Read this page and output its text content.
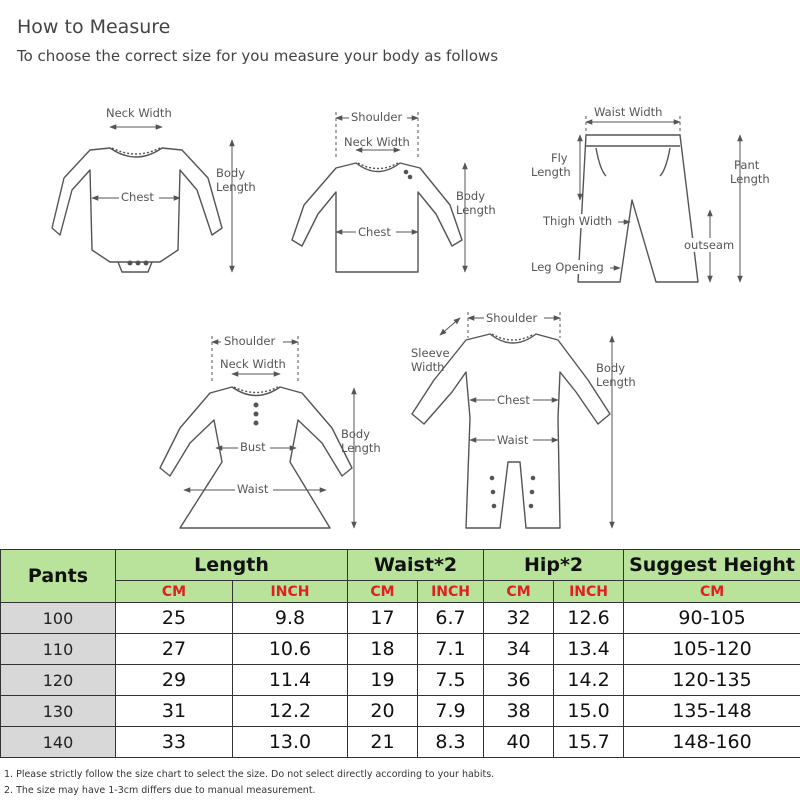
How to Measure
To choose the correct size for you measure your body as follows
Neck Width
Chest
Body
Length
Shoulder
Neck Width
Chest
Body
Length
Waist Width
Fly
Length	Pant
Length
Thigh Width
outseam
Leg Opening
Shoulder
Neck Width
Bust
Waist
Body
Length
Shoulder
Sleeve
Width
Chest
Waist
Body
Length
Pants	Length		Waist*2		Hip*2		Suggest Height
	CM	INCH	CM	INCH	CM	INCH	CM
100	25	9.8	17	6.7	32	12.6	90-105
110	27	10.6	18	7.1	34	13.4	105-120
120	29	11.4	19	7.5	36	14.2	120-135
130	31	12.2	20	7.9	38	15.0	135-148
140	33	13.0	21	8.3	40	15.7	148-160
1. Please strictly follow the size chart to select the size. Do not select directly according to your habits.
2. The size may have 1-3cm differs due to manual measurement.
